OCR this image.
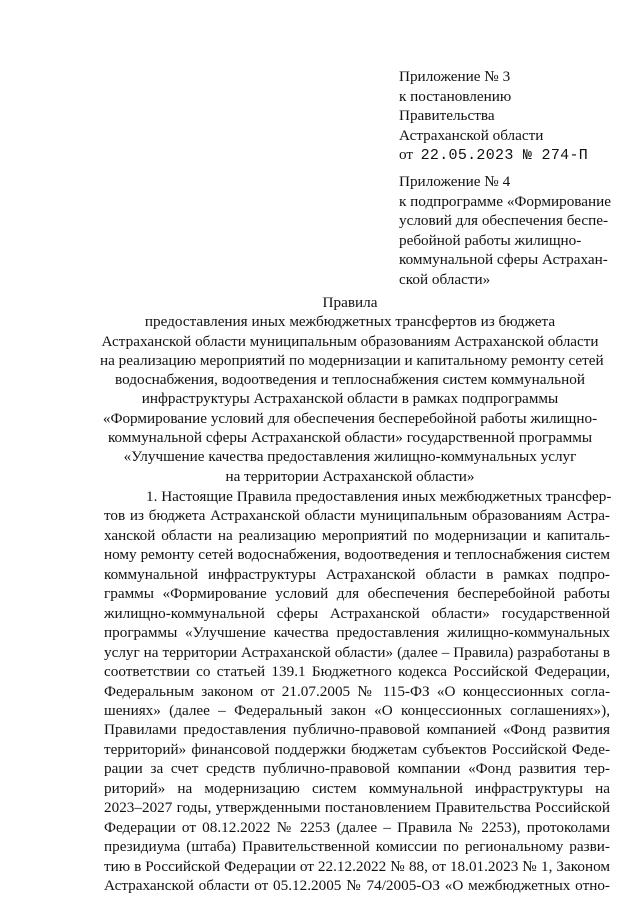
Приложение № 3
к постановлению
Правительства
Астраханской области
от 22.05.2023 № 274-П
Приложение № 4
к подпрограмме «Формирование
условий для обеспечения беспе-
ребойной работы жилищно-
коммунальной сферы Астрахан-
ской области»
Правила
предоставления иных межбюджетных трансфертов из бюджета
Астраханской области муниципальным образованиям Астраханской области
на реализацию мероприятий по модернизации и капитальному ремонту сетей
водоснабжения, водоотведения и теплоснабжения систем коммунальной
инфраструктуры Астраханской области в рамках подпрограммы
«Формирование условий для обеспечения бесперебойной работы жилищно-
коммунальной сферы Астраханской области» государственной программы
«Улучшение качества предоставления жилищно-коммунальных услуг
на территории Астраханской области»
1. Настоящие Правила предоставления иных межбюджетных трансфер-
тов из бюджета Астраханской области муниципальным образованиям Астра-
ханской области на реализацию мероприятий по модернизации и капиталь-
ному ремонту сетей водоснабжения, водоотведения и теплоснабжения систем
коммунальной инфраструктуры Астраханской области в рамках подпро-
граммы «Формирование условий для обеспечения бесперебойной работы
жилищно-коммунальной сферы Астраханской области» государственной
программы «Улучшение качества предоставления жилищно-коммунальных
услуг на территории Астраханской области» (далее – Правила) разработаны в
соответствии со статьей 139.1 Бюджетного кодекса Российской Федерации,
Федеральным законом от 21.07.2005 № 115-ФЗ «О концессионных согла-
шениях» (далее – Федеральный закон «О концессионных соглашениях»),
Правилами предоставления публично-правовой компанией «Фонд развития
территорий» финансовой поддержки бюджетам субъектов Российской Феде-
рации за счет средств публично-правовой компании «Фонд развития тер-
риторий» на модернизацию систем коммунальной инфраструктуры на
2023–2027 годы, утвержденными постановлением Правительства Российской
Федерации от 08.12.2022 № 2253 (далее – Правила № 2253), протоколами
президиума (штаба) Правительственной комиссии по региональному разви-
тию в Российской Федерации от 22.12.2022 № 88, от 18.01.2023 № 1, Законом
Астраханской области от 05.12.2005 № 74/2005-ОЗ «О межбюджетных отно-
